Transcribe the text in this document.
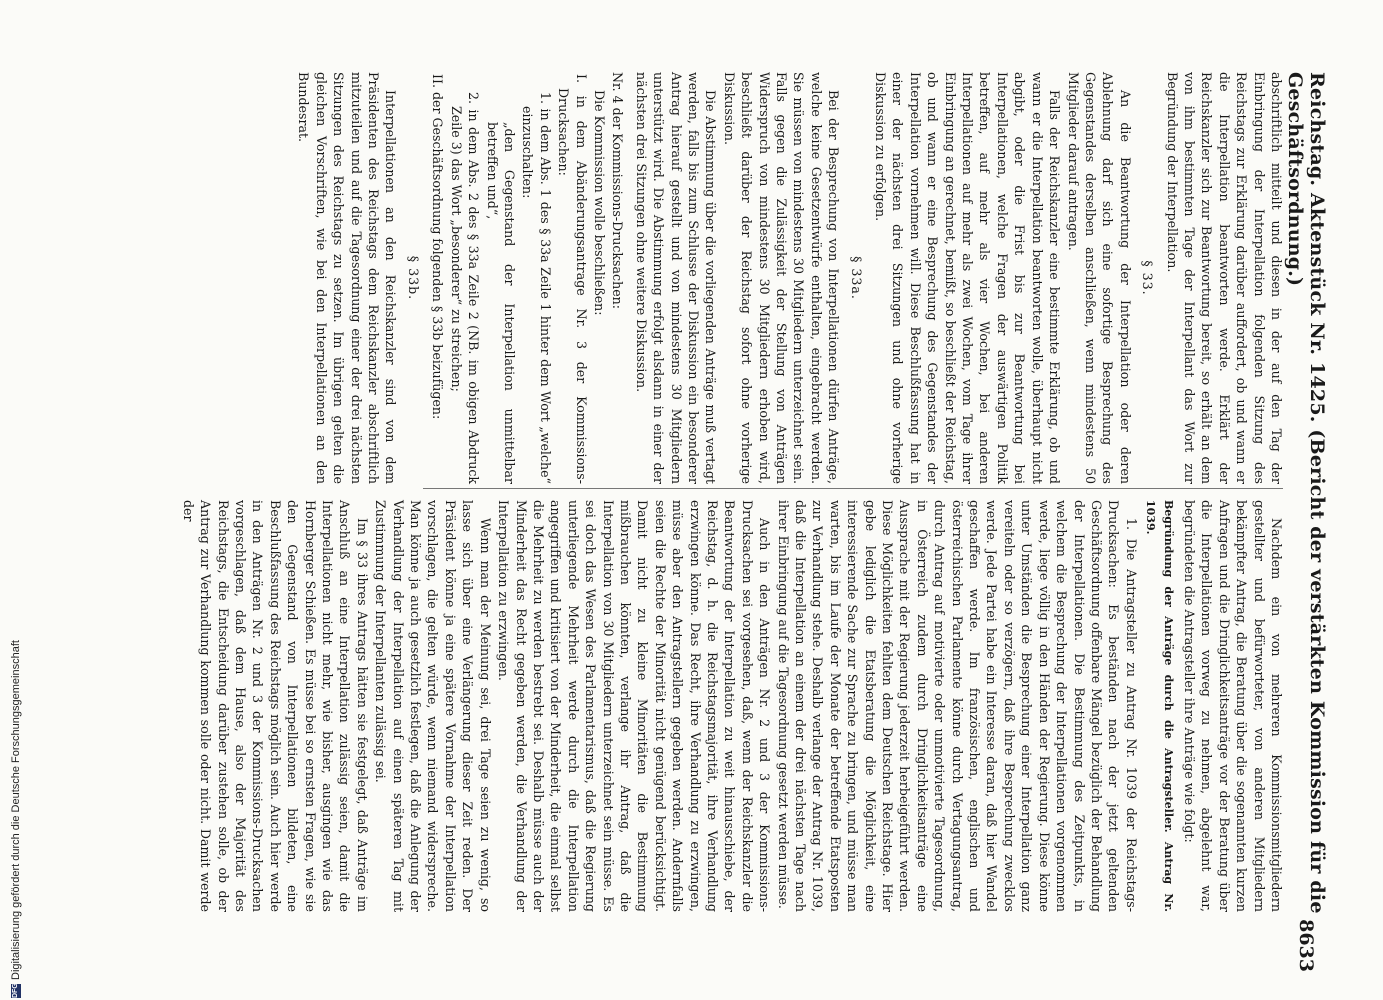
Reichstag. Aktenstück Nr. 1425. (Bericht der verstärkten Kommission für die Geschäftsordnung.)
8633

abschriftlich mitteilt und diesen in der auf den Tag der Einbringung der Interpellation folgenden Sitzung des Reichstags zur Erklärung darüber auffordert, ob und wann er die Interpellation beantworten werde. Erklärt der Reichskanzler sich zur Beantwortung bereit, so erhält an dem von ihm bestimmten Tage der Interpellant das Wort zur Begründung der Interpellation.

§ 33.

An die Beantwortung der Interpellation oder deren Ablehnung darf sich eine sofortige Besprechung des Gegenstandes derselben anschließen, wenn mindestens 50 Mitglieder darauf antragen.

Falls der Reichskanzler eine bestimmte Erklärung, ob und wann er die Interpellation beantworten wolle, überhaupt nicht abgibt, oder die Frist bis zur Beantwortung bei Interpellationen, welche Fragen der auswärtigen Politik betreffen, auf mehr als vier Wochen, bei anderen Interpellationen auf mehr als zwei Wochen, vom Tage ihrer Einbringung an gerechnet, bemißt, so beschließt der Reichstag, ob und wann er eine Besprechung des Gegenstandes der Interpellation vornehmen will. Diese Beschlußfassung hat in einer der nächsten drei Sitzungen und ohne vorherige Diskussion zu erfolgen.

§ 33a.

Bei der Besprechung von Interpellationen dürfen Anträge, welche keine Gesetzentwürfe enthalten, eingebracht werden. Sie müssen von mindestens 30 Mitgliedern unterzeichnet sein. Falls gegen die Zulässigkeit der Stellung von Anträgen Widerspruch von mindestens 30 Mitgliedern erhoben wird, beschließt darüber der Reichstag sofort ohne vorherige Diskussion.

Die Abstimmung über die vorliegenden Anträge muß vertagt werden, falls bis zum Schlusse der Diskussion ein besonderer Antrag hierauf gestellt und von mindestens 30 Mitgliedern unterstützt wird. Die Abstimmung erfolgt alsdann in einer der nächsten drei Sitzungen ohne weitere Diskussion.

Nr. 4 der Kommissions-Drucksachen:

Die Kommission wolle beschließen:

I. in dem Abänderungsantrage Nr. 3 der Kommissions-Drucksachen:

1. in dem Abs. 1 des § 33a Zeile 1 hinter dem Wort „welche“ einzuschalten:

„den Gegenstand der Interpellation unmittelbar betreffen und“,

2. in dem Abs. 2 des § 33a Zeile 2 (NB. im obigen Abdruck Zeile 3) das Wort „besonderer“ zu streichen;

II. der Geschäftsordnung folgenden § 33b beizufügen:

§ 33b.

Interpellationen an den Reichskanzler sind von dem Präsidenten des Reichstags dem Reichskanzler abschriftlich mitzuteilen und auf die Tagesordnung einer der drei nächsten Sitzungen des Reichstags zu setzen. Im übrigen gelten die gleichen Vorschriften, wie bei den Interpellationen an den Bundesrat.

Nachdem ein von mehreren Kommissionsmitgliedern gestellter und befürworteter, von anderen Mitgliedern bekämpfter Antrag, die Beratung über die sogenannten kurzen Anfragen und die Dringlichkeitsanträge vor der Beratung über die Interpellationen vorweg zu nehmen, abgelehnt war, begründeten die Antragsteller ihre Anträge wie folgt:

Begründung der Anträge durch die Antragsteller. Antrag Nr. 1039.

1. Die Antragsteller zu Antrag Nr. 1039 der Reichstags-Drucksachen: Es beständen nach der jetzt geltenden Geschäftsordnung offenbare Mängel bezüglich der Behandlung der Interpellationen. Die Bestimmung des Zeitpunkts, in welchem die Besprechung der Interpellationen vorgenommen werde, liege völlig in den Händen der Regierung. Diese könne unter Umständen die Besprechung einer Interpellation ganz vereiteln oder so verzögern, daß ihre Besprechung zwecklos werde. Jede Partei habe ein Interesse daran, daß hier Wandel geschaffen werde. Im französischen, englischen und österreichischen Parlamente könne durch Vertagungsantrag, durch Antrag auf motivierte oder unmotivierte Tagesordnung, in Österreich zudem durch Dringlichkeitsanträge eine Aussprache mit der Regierung jederzeit herbeigeführt werden. Diese Möglichkeiten fehlten dem Deutschen Reichstage. Hier gebe lediglich die Etatsberatung die Möglichkeit, eine interessierende Sache zur Sprache zu bringen, und müsse man warten, bis im Laufe der Monate der betreffende Etatsposten zur Verhandlung stehe. Deshalb verlange der Antrag Nr. 1039, daß die Interpellation an einem der drei nächsten Tage nach ihrer Einbringung auf die Tagesordnung gesetzt werden müsse.

Auch in den Anträgen Nr. 2 und 3 der Kommissions-Drucksachen sei vorgesehen, daß, wenn der Reichskanzler die Beantwortung der Interpellation zu weit hinausschiebe, der Reichstag, d. h. die Reichstagsmajorität, ihre Verhandlung erzwingen könne. Das Recht, ihre Verhandlung zu erzwingen, müsse aber den Antragstellern gegeben werden. Andernfalls seien die Rechte der Minorität nicht genügend berücksichtigt. Damit nicht zu kleine Minoritäten die Bestimmung mißbrauchen könnten, verlange ihr Antrag, daß die Interpellation von 30 Mitgliedern unterzeichnet sein müsse. Es sei doch das Wesen des Parlamentarismus, daß die Regierung unterliegende Mehrheit werde durch die Interpellation angegriffen und kritisiert von der Minderheit, die einmal selbst die Mehrheit zu werden bestrebt sei. Deshalb müsse auch der Minderheit das Recht gegeben werden, die Verhandlung der Interpellation zu erzwingen.

Wenn man der Meinung sei, drei Tage seien zu wenig, so lasse sich über eine Verlängerung dieser Zeit reden. Der Präsident könne ja eine spätere Vornahme der Interpellation vorschlagen, die gelten würde, wenn niemand widerspreche. Man könne ja auch gesetzlich festlegen, daß die Anlegung der Verhandlung der Interpellation auf einen späteren Tag mit Zustimmung der Interpellanten zulässig sei.

Im § 33 ihres Antrags hätten sie festgelegt, daß Anträge im Anschluß an eine Interpellation zulässig seien, damit die Interpellationen nicht mehr, wie bisher, ausgingen wie das Hornberger Schießen. Es müsse bei so ernsten Fragen, wie sie den Gegenstand von Interpellationen bildeten, eine Beschlußfassung des Reichstags möglich sein. Auch hier werde in den Anträgen Nr. 2 und 3 der Kommissions-Drucksachen vorgeschlagen, daß dem Hause, also der Majorität des Reichstags, die Entscheidung darüber zustehen solle, ob der Antrag zur Verhandlung kommen solle oder nicht. Damit werde der

DFG
Digitalisierung gefördert durch die Deutsche Forschungsgemeinschaft
